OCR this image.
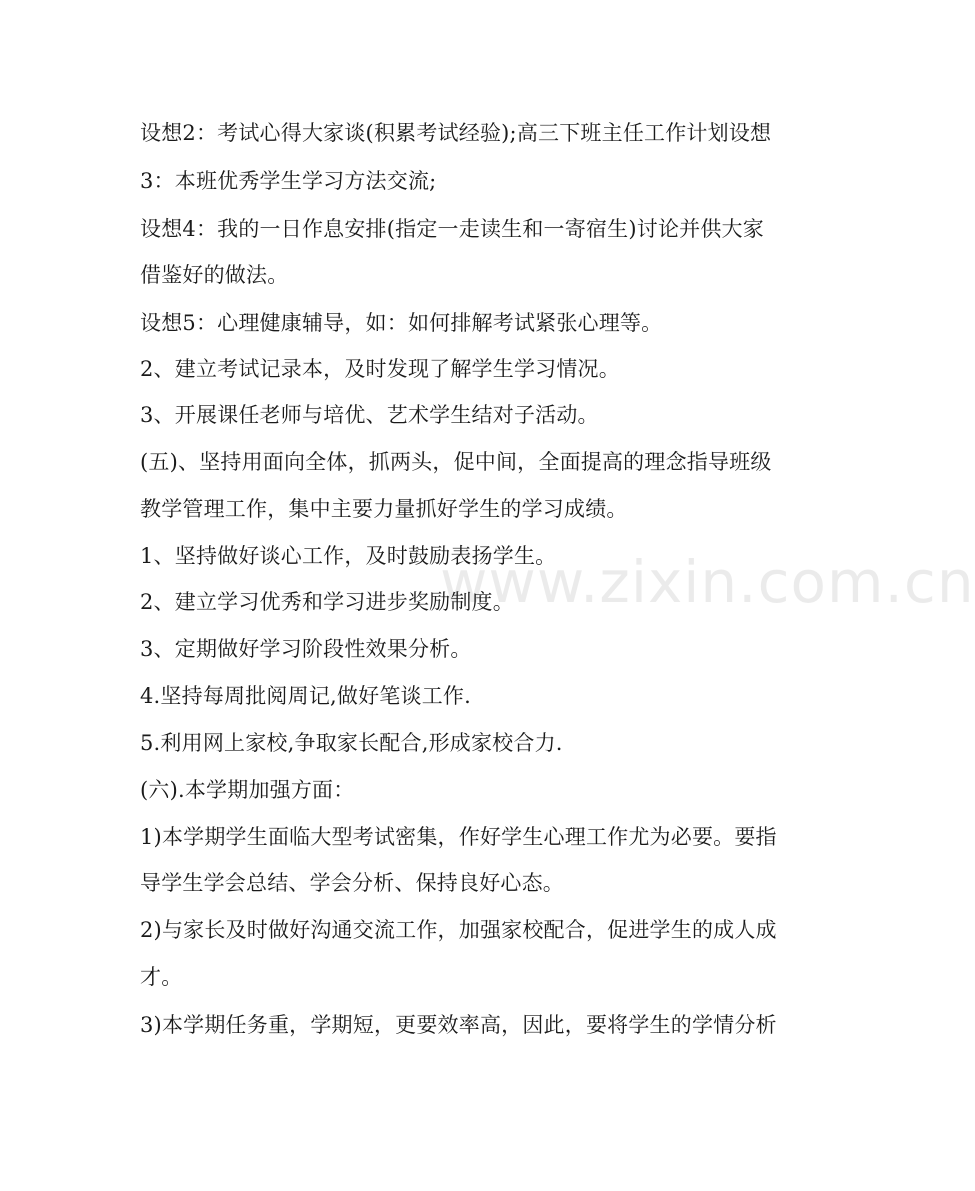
www.zixin.com.cn
设想2：考试心得大家谈(积累考试经验);高三下班主任工作计划设想
3：本班优秀学生学习方法交流;
设想4：我的一日作息安排(指定一走读生和一寄宿生)讨论并供大家
借鉴好的做法。
设想5：心理健康辅导，如：如何排解考试紧张心理等。
2、建立考试记录本，及时发现了解学生学习情况。
3、开展课任老师与培优、艺术学生结对子活动。
(五)、坚持用面向全体，抓两头，促中间，全面提高的理念指导班级
教学管理工作，集中主要力量抓好学生的学习成绩。
1、坚持做好谈心工作，及时鼓励表扬学生。
2、建立学习优秀和学习进步奖励制度。
3、定期做好学习阶段性效果分析。
4.坚持每周批阅周记,做好笔谈工作.
5.利用网上家校,争取家长配合,形成家校合力.
(六).本学期加强方面：
1)本学期学生面临大型考试密集，作好学生心理工作尤为必要。要指
导学生学会总结、学会分析、保持良好心态。
2)与家长及时做好沟通交流工作，加强家校配合，促进学生的成人成
才。
3)本学期任务重，学期短，更要效率高，因此，要将学生的学情分析
